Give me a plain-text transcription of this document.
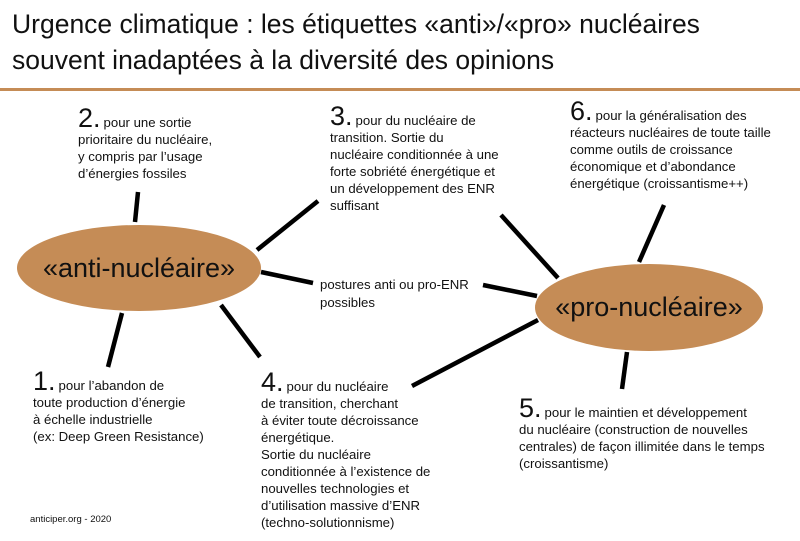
Urgence climatique : les étiquettes «anti»/«pro» nucléaires
souvent inadaptées à la diversité des opinions
«anti-nucléaire»
«pro-nucléaire»
postures anti ou pro-ENR
possibles
2. pour une sortie
prioritaire du nucléaire,
y compris par l’usage
d’énergies fossiles
3. pour du nucléaire de
transition. Sortie du
nucléaire conditionnée à une
forte sobriété énergétique et
un développement des ENR
suffisant
6. pour la généralisation des
réacteurs nucléaires de toute taille
comme outils de croissance
économique et d’abondance
énergétique (croissantisme++)
1. pour l’abandon de
toute production d’énergie
à échelle industrielle
(ex: Deep Green Resistance)
4. pour du nucléaire
de transition, cherchant
à éviter toute décroissance
énergétique.
Sortie du nucléaire
conditionnée à l’existence de
nouvelles technologies et
d’utilisation massive d’ENR
(techno-solutionnisme)
5. pour le maintien et développement
du nucléaire (construction de nouvelles
centrales) de façon illimitée dans le temps
(croissantisme)
anticiper.org - 2020
